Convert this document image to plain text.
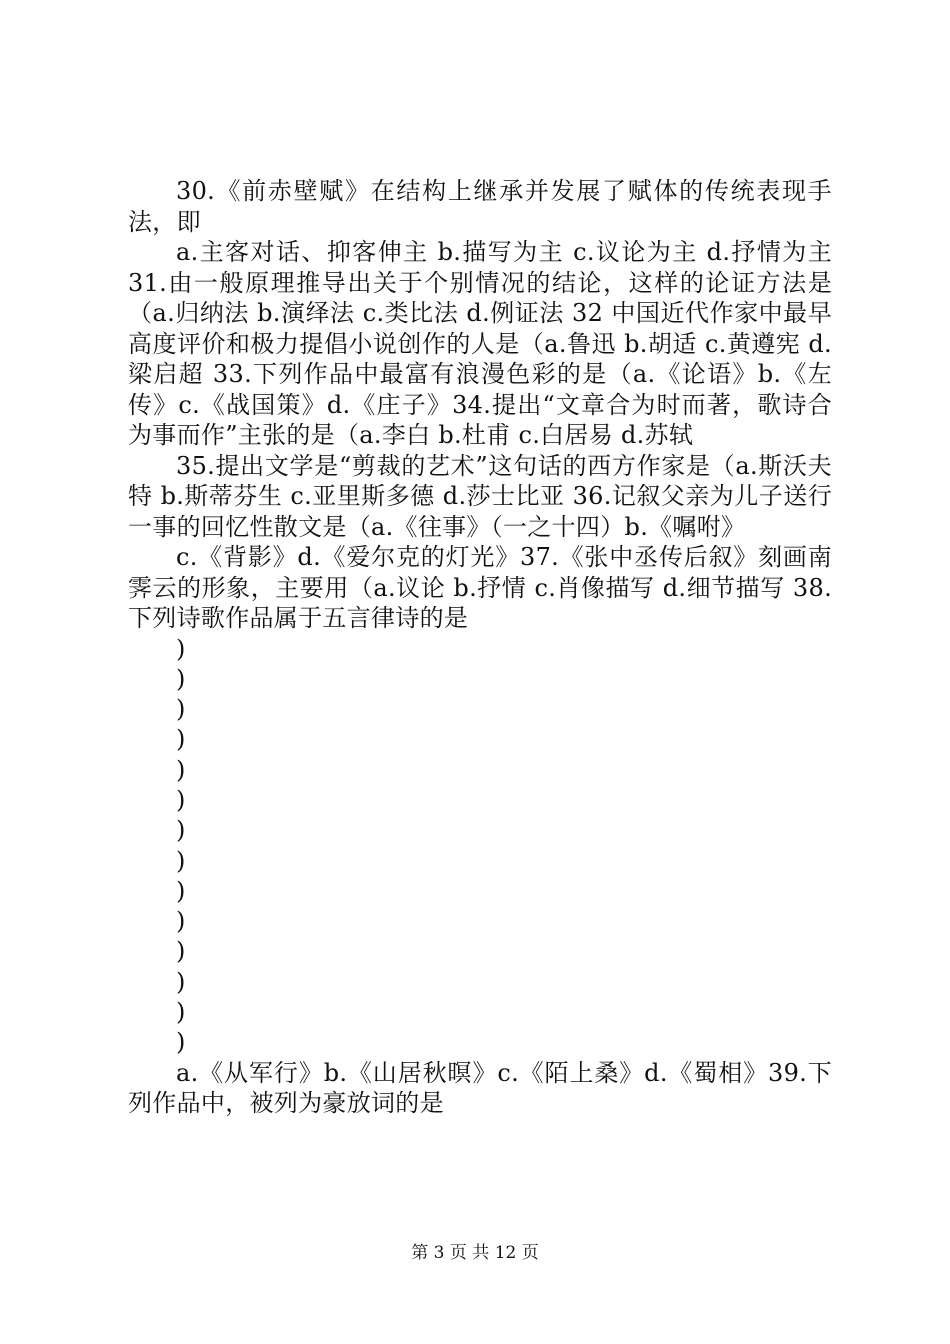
30.《前赤壁赋》在结构上继承并发展了赋体的传统表现手法，即

a.主客对话、抑客伸主 b.描写为主 c.议论为主 d.抒情为主 31.由一般原理推导出关于个别情况的结论，这样的论证方法是（a.归纳法 b.演绎法 c.类比法 d.例证法 32 中国近代作家中最早高度评价和极力提倡小说创作的人是（a.鲁迅 b.胡适 c.黄遵宪 d.梁启超 33.下列作品中最富有浪漫色彩的是（a.《论语》b.《左传》c.《战国策》d.《庄子》34.提出“文章合为时而著，歌诗合为事而作”主张的是（a.李白 b.杜甫 c.白居易 d.苏轼

35.提出文学是“剪裁的艺术”这句话的西方作家是（a.斯沃夫特 b.斯蒂芬生 c.亚里斯多德 d.莎士比亚 36.记叙父亲为儿子送行一事的回忆性散文是（a.《往事》（一之十四）b.《嘱咐》

c.《背影》d.《爱尔克的灯光》37.《张中丞传后叙》刻画南霁云的形象，主要用（a.议论 b.抒情 c.肖像描写 d.细节描写 38.下列诗歌作品属于五言律诗的是

)
)
)
)
)
)
)
)
)
)
)
)
)
)

a.《从军行》b.《山居秋暝》c.《陌上桑》d.《蜀相》39.下列作品中，被列为豪放词的是

第 3 页 共 12 页
